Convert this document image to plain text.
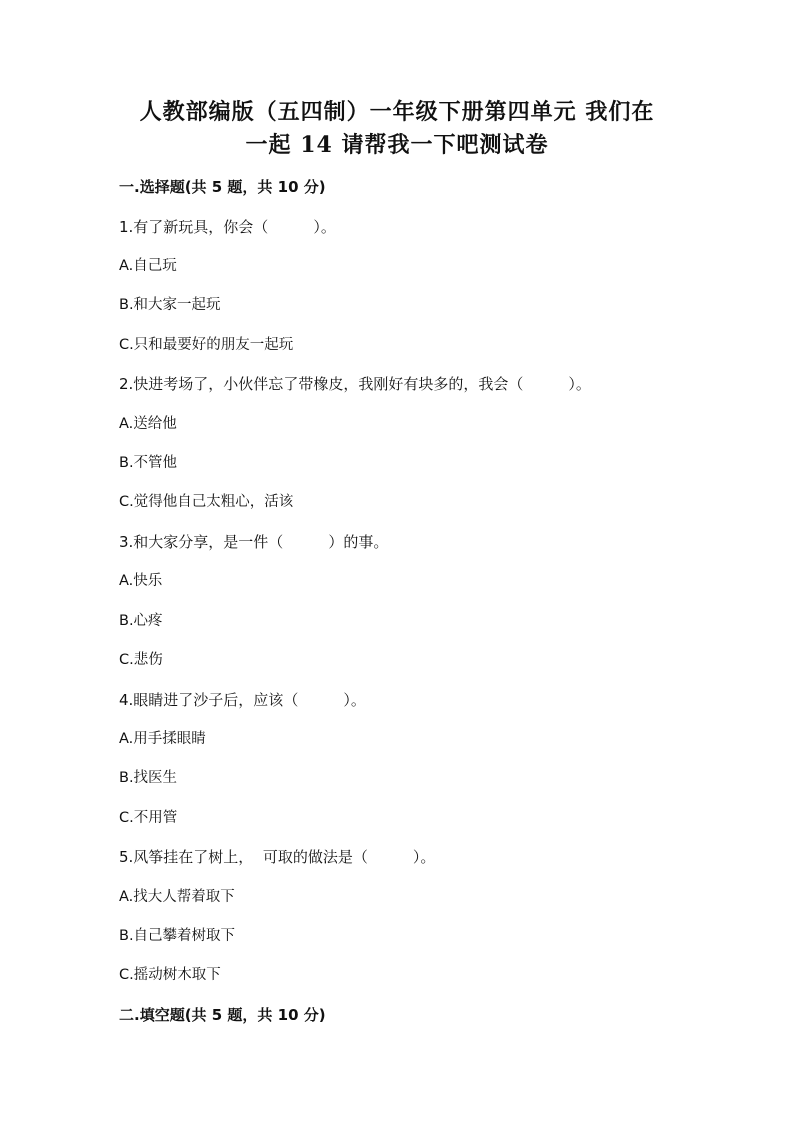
人教部编版（五四制）一年级下册第四单元 我们在
一起 14 请帮我一下吧测试卷
一.选择题(共 5 题，共 10 分)
1.有了新玩具，你会（　　　）。
A.自己玩
B.和大家一起玩
C.只和最要好的朋友一起玩
2.快进考场了，小伙伴忘了带橡皮，我刚好有块多的，我会（　　　）。
A.送给他
B.不管他
C.觉得他自己太粗心，活该
3.和大家分享，是一件（　　　）的事。
A.快乐
B.心疼
C.悲伤
4.眼睛进了沙子后，应该（　　　）。
A.用手揉眼睛
B.找医生
C.不用管
5.风筝挂在了树上，  可取的做法是（　　　）。
A.找大人帮着取下
B.自己攀着树取下
C.摇动树木取下
二.填空题(共 5 题，共 10 分)
